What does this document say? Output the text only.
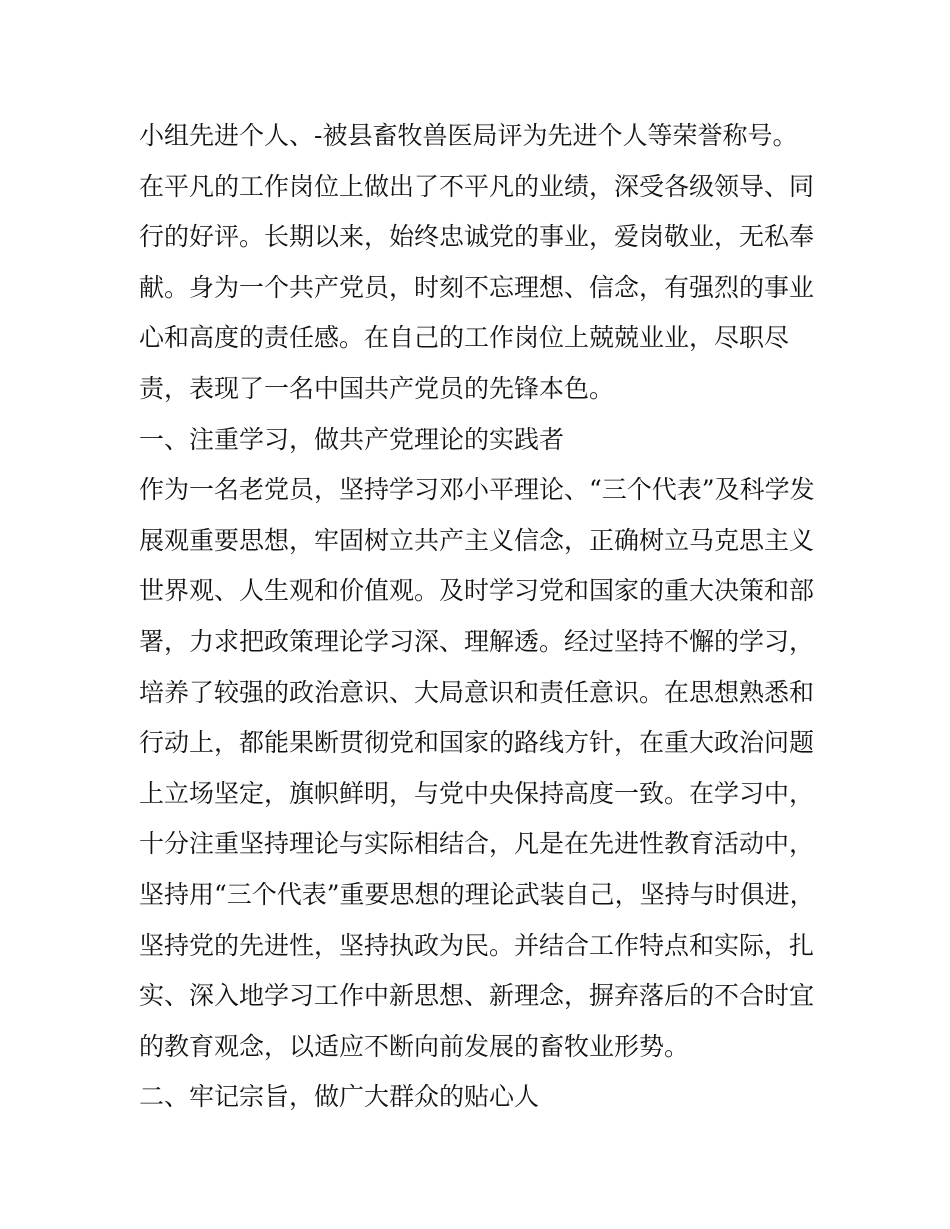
小组先进个人、-被县畜牧兽医局评为先进个人等荣誉称号。
在平凡的工作岗位上做出了不平凡的业绩，深受各级领导、同
行的好评。长期以来，始终忠诚党的事业，爱岗敬业，无私奉
献。身为一个共产党员，时刻不忘理想、信念，有强烈的事业
心和高度的责任感。在自己的工作岗位上兢兢业业，尽职尽
责，表现了一名中国共产党员的先锋本色。
一、注重学习，做共产党理论的实践者
作为一名老党员，坚持学习邓小平理论、“三个代表”及科学发
展观重要思想，牢固树立共产主义信念，正确树立马克思主义
世界观、人生观和价值观。及时学习党和国家的重大决策和部
署，力求把政策理论学习深、理解透。经过坚持不懈的学习，
培养了较强的政治意识、大局意识和责任意识。在思想熟悉和
行动上，都能果断贯彻党和国家的路线方针，在重大政治问题
上立场坚定，旗帜鲜明，与党中央保持高度一致。在学习中，
十分注重坚持理论与实际相结合，凡是在先进性教育活动中，
坚持用“三个代表”重要思想的理论武装自己，坚持与时俱进，
坚持党的先进性，坚持执政为民。并结合工作特点和实际，扎
实、深入地学习工作中新思想、新理念，摒弃落后的不合时宜
的教育观念，以适应不断向前发展的畜牧业形势。
二、牢记宗旨，做广大群众的贴心人
